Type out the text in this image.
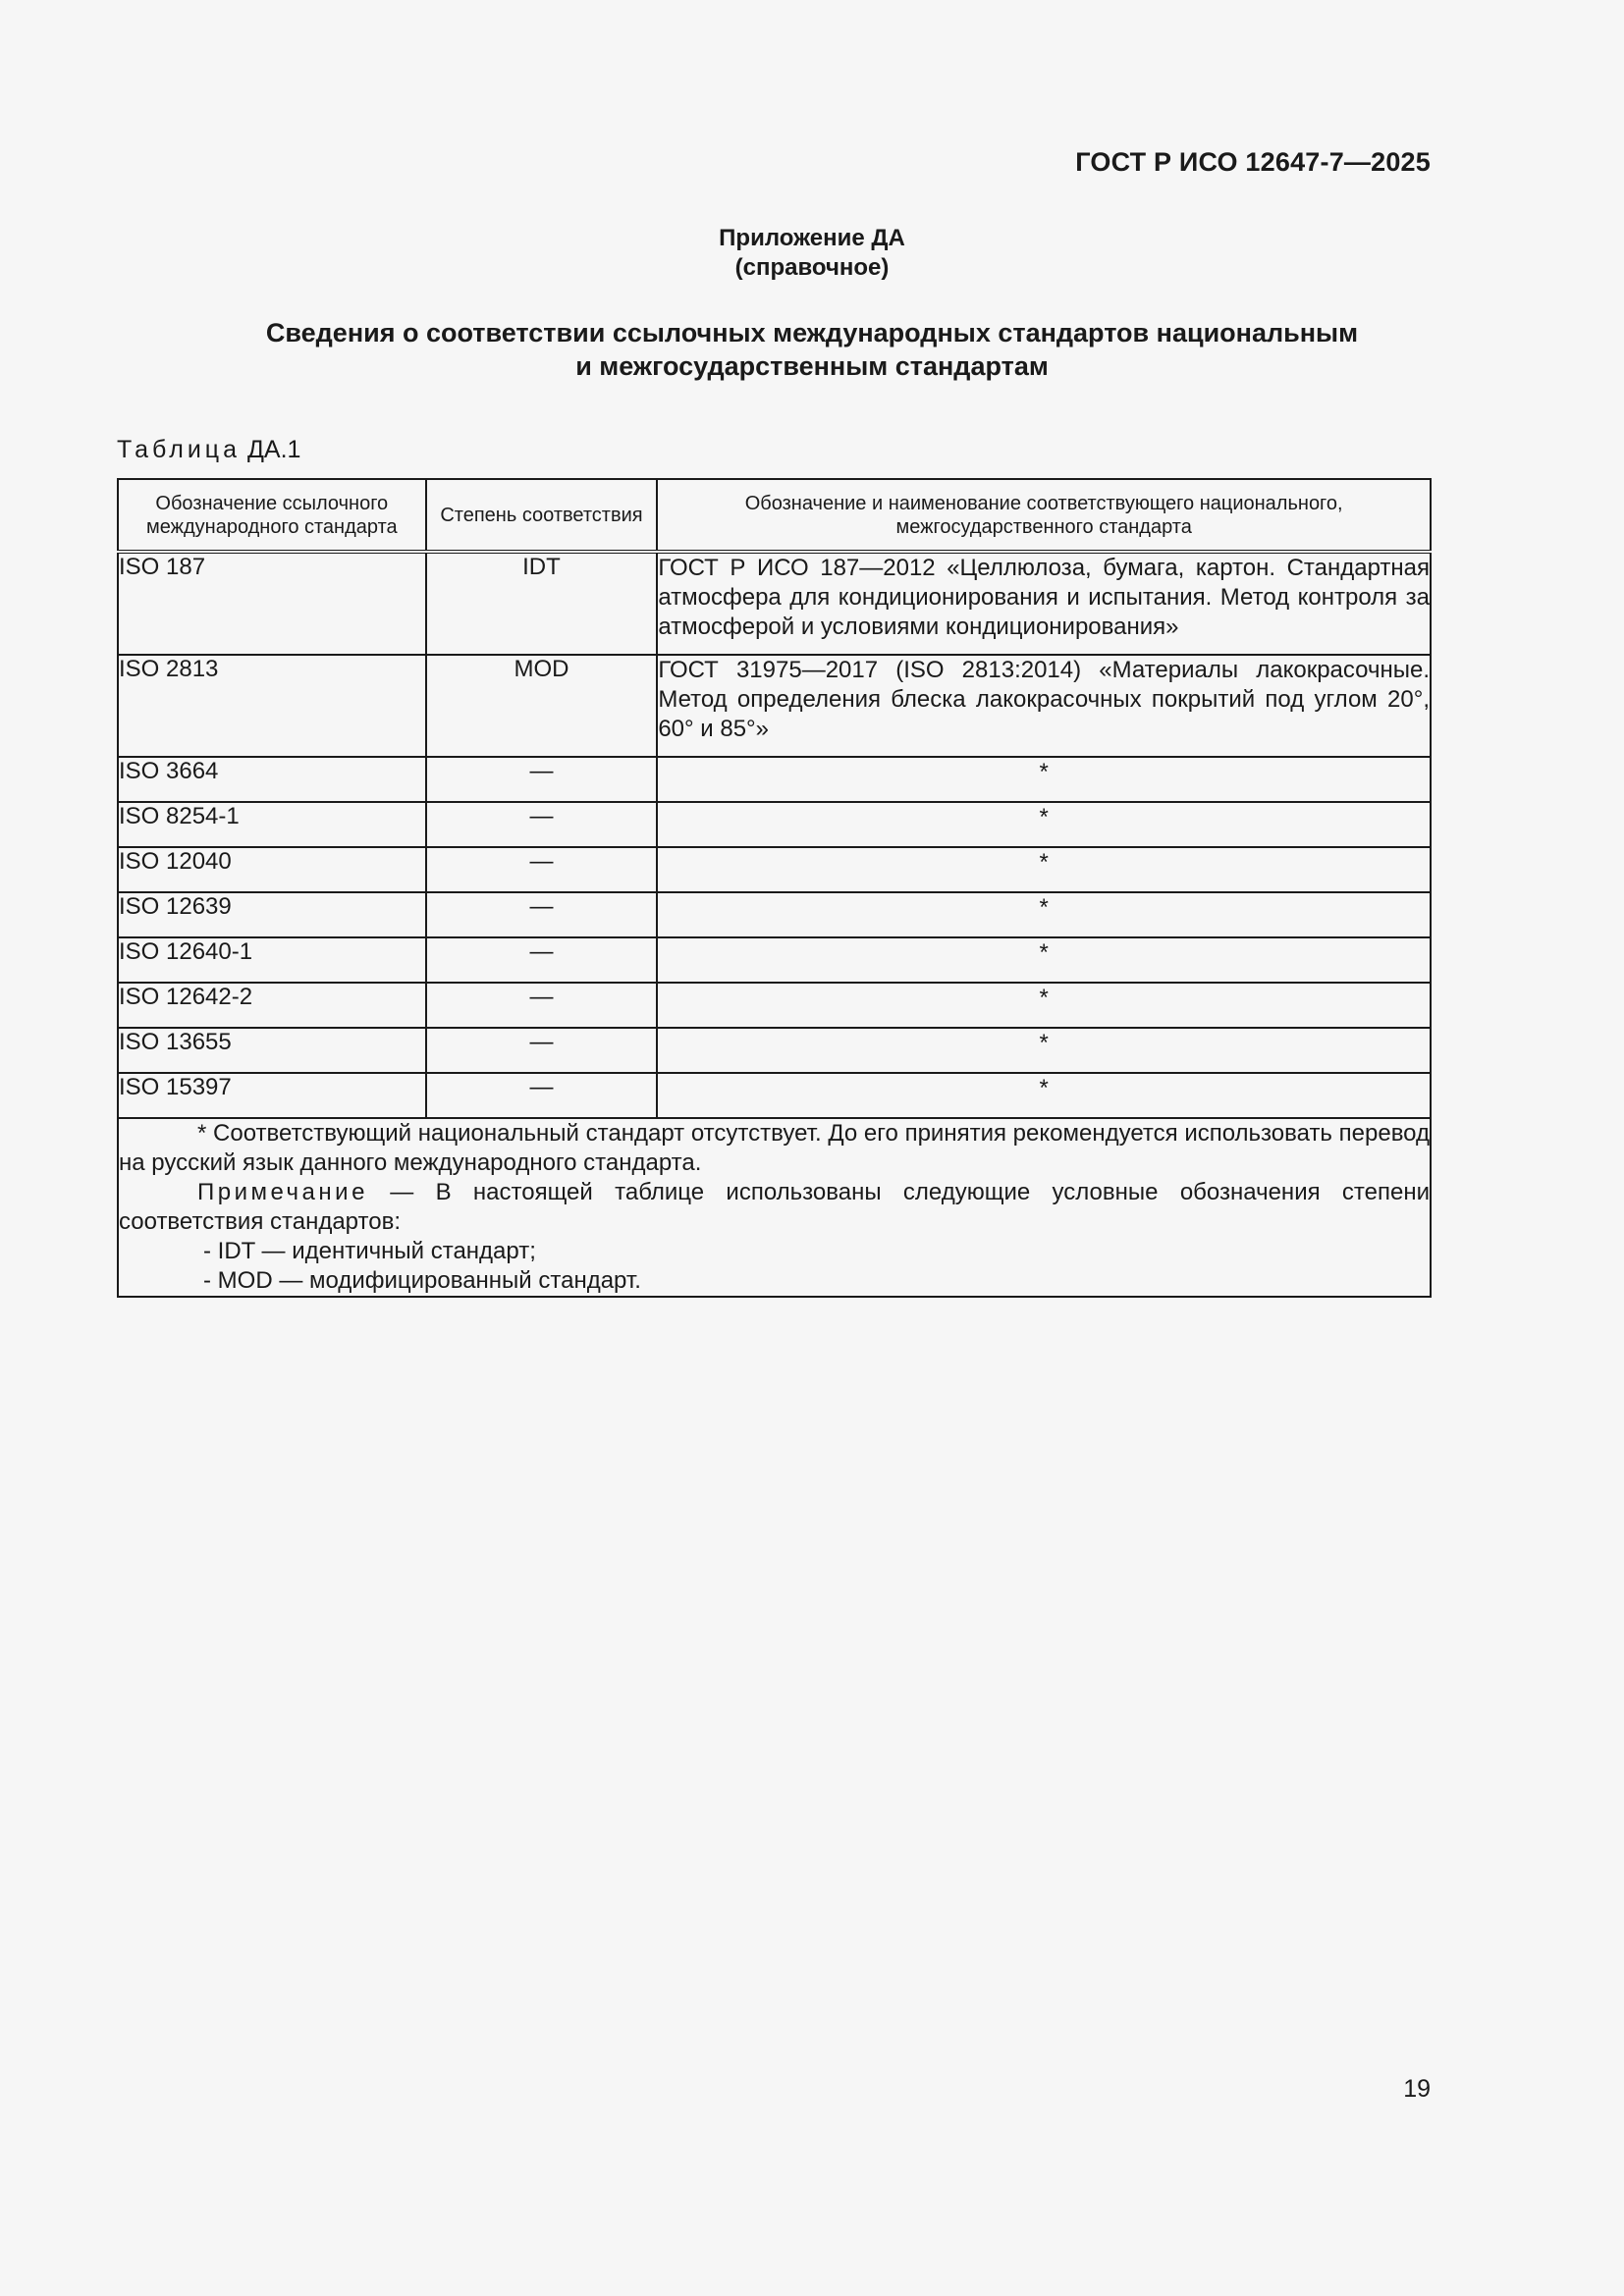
ГОСТ Р ИСО 12647-7—2025
Приложение ДА
(справочное)
Сведения о соответствии ссылочных международных стандартов национальным
и межгосударственным стандартам
Таблица ДА.1
Обозначение ссылочного международного стандарта	Степень соответствия	Обозначение и наименование соответствующего национального, межгосударственного стандарта
ISO 187	IDT	ГОСТ Р ИСО 187—2012 «Целлюлоза, бумага, картон. Стандартная атмосфера для кондиционирования и испытания. Метод контроля за атмосферой и условиями кондиционирования»
ISO 2813	MOD	ГОСТ 31975—2017 (ISO 2813:2014) «Материалы лакокрасочные. Метод определения блеска лакокрасочных покрытий под углом 20°, 60° и 85°»
ISO 3664	—	*
ISO 8254-1	—	*
ISO 12040	—	*
ISO 12639	—	*
ISO 12640-1	—	*
ISO 12642-2	—	*
ISO 13655	—	*
ISO 15397	—	*

* Соответствующий национальный стандарт отсутствует. До его принятия рекомендуется использовать перевод на русский язык данного международного стандарта.

Примечание — В настоящей таблице использованы следующие условные обозначения степени соответствия стандартов:

- IDT — идентичный стандарт;

- MOD — модифицированный стандарт.		

19
